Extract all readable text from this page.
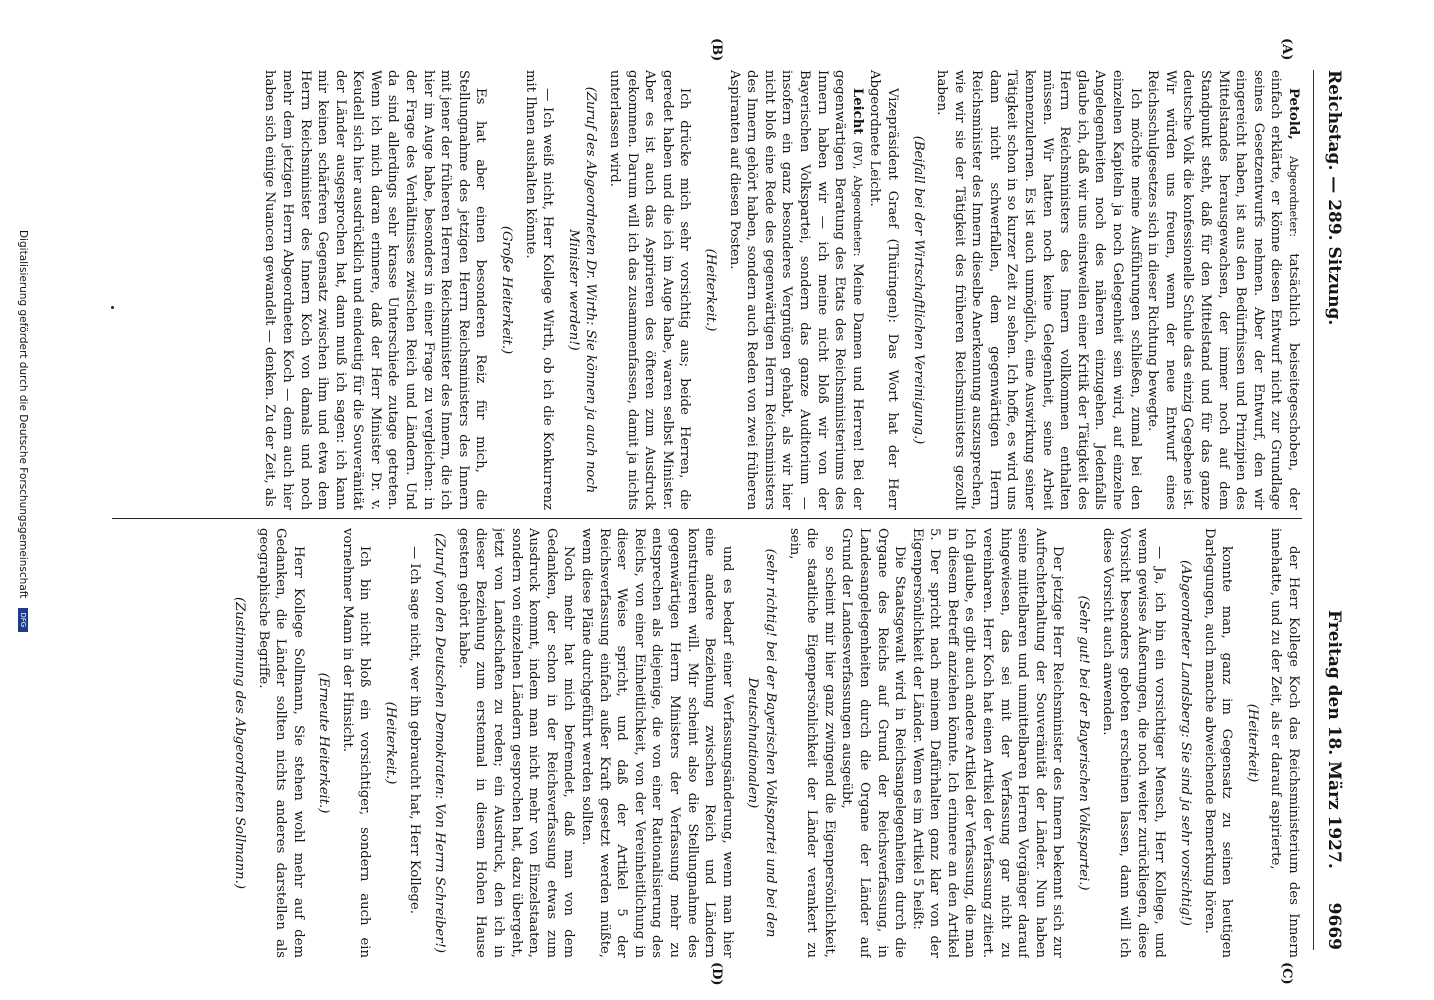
Reichstag. — 289. Sitzung.
Freitag den 18. März 1927.
9669
(A)
(B)
(C)
(D)

Petold, Abgeordneter: tatsächlich beiseitegeschoben, der einfach erklärte, er könne diesen Entwurf nicht zur Grundlage seines Gesetzentwurfs nehmen. Aber der Entwurf, den wir eingereicht haben, ist aus den Bedürfnissen und Prinzipien des Mittelstandes herausgewachsen, der immer noch auf dem Standpunkt steht, daß für den Mittelstand und für das ganze deutsche Volk die konfessionelle Schule das einzig Gegebene ist. Wir würden uns freuen, wenn der neue Entwurf eines Reichsschulgesetzes sich in dieser Richtung bewegte.

Ich möchte meine Ausführungen schließen, zumal bei den einzelnen Kapiteln ja noch Gelegenheit sein wird, auf einzelne Angelegenheiten noch des näheren einzugehen. Jedenfalls glaube ich, daß wir uns einstweilen einer Kritik der Tätigkeit des Herrn Reichsministers des Innern vollkommen enthalten müssen. Wir hatten noch keine Gelegenheit, seine Arbeit kennenzulernen. Es ist auch unmöglich, eine Auswirkung seiner Tätigkeit schon in so kurzer Zeit zu sehen. Ich hoffe, es wird uns dann nicht schwerfallen, dem gegenwärtigen Herrn Reichsminister des Innern dieselbe Anerkennung auszusprechen, wie wir sie der Tätigkeit des früheren Reichsministers gezollt haben.

(Beifall bei der Wirtschaftlichen Vereinigung.)

Vizepräsident Graef (Thüringen): Das Wort hat der Herr Abgeordnete Leicht.

Leicht (BV), Abgeordneter: Meine Damen und Herren! Bei der gegenwärtigen Beratung des Etats des Reichsministeriums des Innern haben wir — ich meine nicht bloß wir von der Bayerischen Volkspartei, sondern das ganze Auditorium — insofern ein ganz besonderes Vergnügen gehabt, als wir hier nicht bloß eine Rede des gegenwärtigen Herrn Reichsministers des Innern gehört haben, sondern auch Reden von zwei früheren Aspiranten auf diesen Posten.

(Heiterkeit.)

Ich drücke mich sehr vorsichtig aus; beide Herren, die geredet haben und die ich im Auge habe, waren selbst Minister. Aber es ist auch das Aspirieren des öfteren zum Ausdruck gekommen. Darum will ich das zusammenfassen, damit ja nichts unterlassen wird.

(Zuruf des Abgeordneten Dr. Wirth: Sie können ja auch noch Minister werden!)

— Ich weiß nicht, Herr Kollege Wirth, ob ich die Konkurrenz mit Ihnen aushalten könnte.

(Große Heiterkeit.)

Es hat aber einen besonderen Reiz für mich, die Stellungnahme des jetzigen Herrn Reichsministers des Innern mit jener der früheren Herren Reichsminister des Innern, die ich hier im Auge habe, besonders in einer Frage zu vergleichen: in der Frage des Verhältnisses zwischen Reich und Ländern. Und da sind allerdings sehr krasse Unterschiede zutage getreten. Wenn ich mich daran erinnere, daß der Herr Minister Dr. v. Keudell sich hier ausdrücklich und eindeutig für die Souveränität der Länder ausgesprochen hat, dann muß ich sagen: ich kann mir keinen schärferen Gegensatz zwischen ihm und etwa dem Herrn Reichsminister des Innern Koch von damals und noch mehr dem jetzigen Herrn Abgeordneten Koch — denn auch hier haben sich einige Nuancen gewandelt — denken. Zu der Zeit, als

der Herr Kollege Koch das Reichsministerium des Innern innehatte, und zu der Zeit, als er darauf aspirierte,

(Heiterkeit)

konnte man, ganz im Gegensatz zu seinen heutigen Darlegungen, auch manche abweichende Bemerkung hören.

(Abgeordneter Landsberg: Sie sind ja sehr vorsichtig!)

— Ja, ich bin ein vorsichtiger Mensch, Herr Kollege, und wenn gewisse Äußerungen, die noch weiter zurückliegen, diese Vorsicht besonders geboten erscheinen lassen, dann will ich diese Vorsicht auch anwenden.

(Sehr gut! bei der Bayerischen Volkspartei.)

Der jetzige Herr Reichsminister des Innern bekennt sich zur Aufrechterhaltung der Souveränität der Länder. Nun haben seine mittelbaren und unmittelbaren Herren Vorgänger darauf hingewiesen, das sei mit der Verfassung gar nicht zu vereinbaren. Herr Koch hat einen Artikel der Verfassung zitiert. Ich glaube, es gibt auch andere Artikel der Verfassung, die man in diesem Betreff anziehen könnte. Ich erinnere an den Artikel 5. Der spricht nach meinem Dafürhalten ganz klar von der Eigenpersönlichkeit der Länder. Wenn es im Artikel 5 heißt:

Die Staatsgewalt wird in Reichsangelegenheiten durch die Organe des Reichs auf Grund der Reichsverfassung, in Landesangelegenheiten durch die Organe der Länder auf Grund der Landesverfassungen ausgeübt,

so scheint mir hier ganz zwingend die Eigenpersönlichkeit, die staatliche Eigenpersönlichkeit der Länder verankert zu sein,

(sehr richtig! bei der Bayerischen Volkspartei und bei den Deutschnationalen)

und es bedarf einer Verfassungsänderung, wenn man hier eine andere Beziehung zwischen Reich und Ländern konstruieren will. Mir scheint also die Stellungnahme des gegenwärtigen Herrn Ministers der Verfassung mehr zu entsprechen als diejenige, die von einer Rationalisierung des Reichs, von einer Einheitlichkeit, von der Vereinheitlichung in dieser Weise spricht, und daß der Artikel 5 der Reichsverfassung einfach außer Kraft gesetzt werden müßte, wenn diese Pläne durchgeführt werden sollten.

Noch mehr hat mich befremdet, daß man von dem Gedanken, der schon in der Reichsverfassung etwas zum Ausdruck kommt, indem man nicht mehr von Einzelstaaten, sondern von einzelnen Ländern gesprochen hat, dazu übergeht, jetzt von Landschaften zu reden; ein Ausdruck, den ich in dieser Beziehung zum erstenmal in diesem Hohen Hause gestern gehört habe.

(Zuruf von den Deutschen Demokraten: Von Herrn Schreiber!)

— Ich sage nicht, wer ihn gebraucht hat, Herr Kollege.

(Heiterkeit.)

Ich bin nicht bloß ein vorsichtiger, sondern auch ein vornehmer Mann in der Hinsicht.

(Erneute Heiterkeit.)

Herr Kollege Sollmann, Sie stehen wohl mehr auf dem Gedanken, die Länder sollten nichts anderes darstellen als geographische Begriffe.

(Zustimmung des Abgeordneten Sollmann.)

Digitalisierung gefördert durch die Deutsche Forschungsgemeinschaft DFG
